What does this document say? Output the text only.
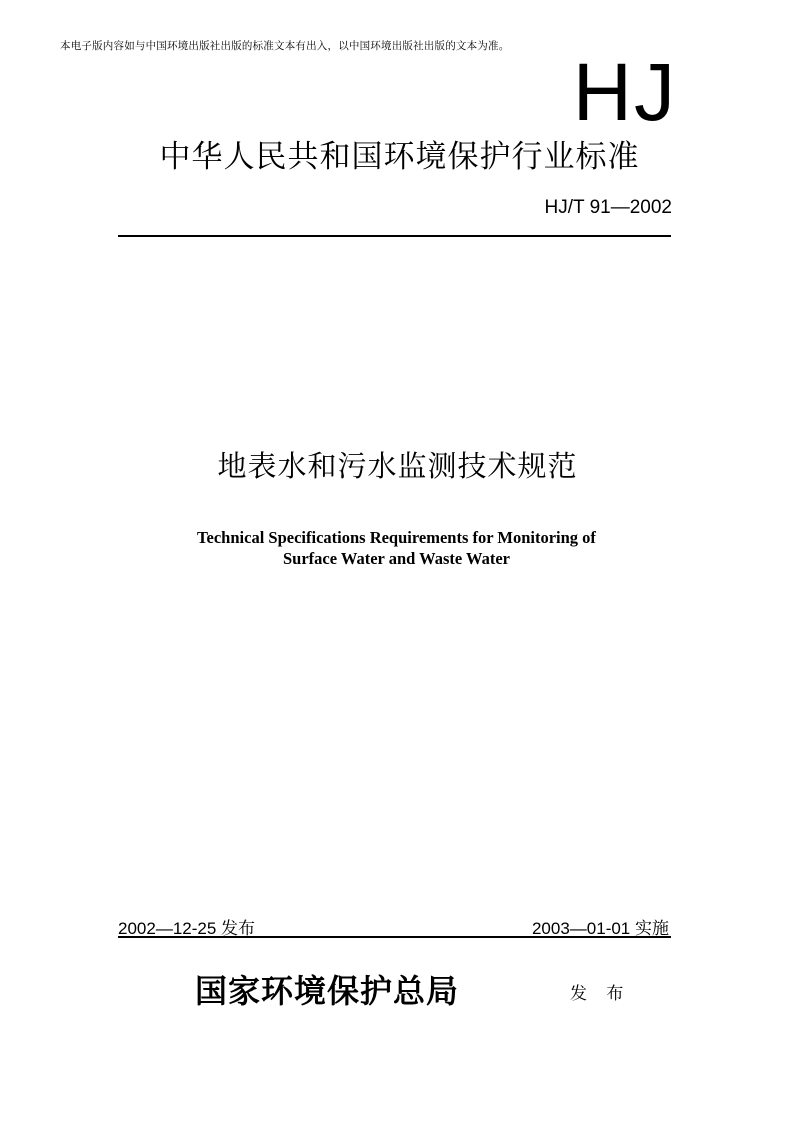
本电子版内容如与中国环境出版社出版的标准文本有出入，以中国环境出版社出版的文本为准。
HJ
中华人民共和国环境保护行业标准
HJ/T 91—2002
地表水和污水监测技术规范
Technical Specifications Requirements for Monitoring of
Surface Water and Waste Water
2002—12-25 发布	2003—01-01 实施
国家环境保护总局	发 布
